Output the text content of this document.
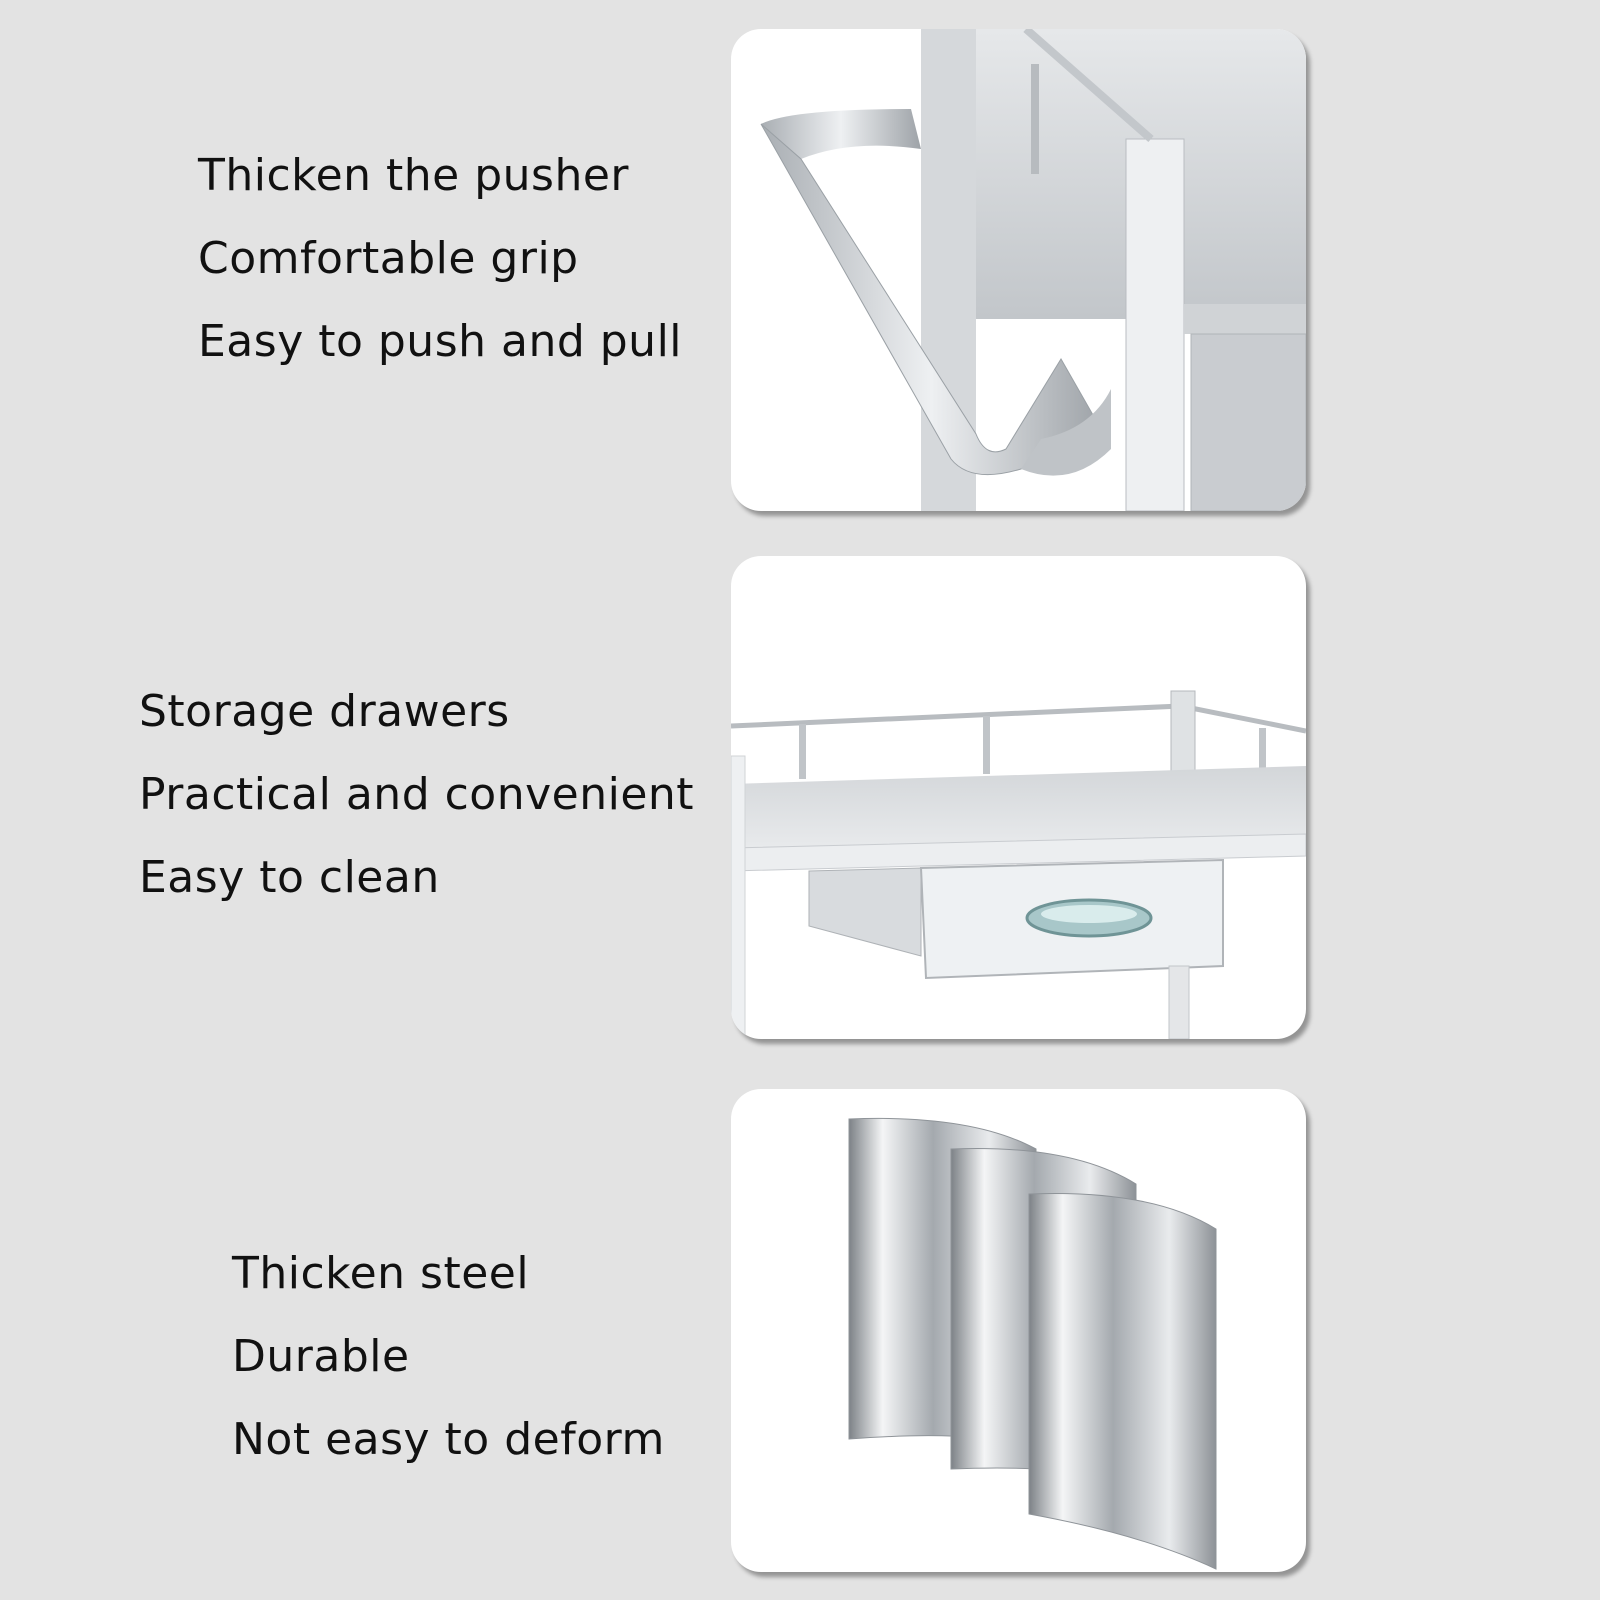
Thicken the pusher
Comfortable grip
Easy to push and pull
Storage drawers
Practical and convenient
Easy to clean
Thicken steel
Durable
Not easy to deform
